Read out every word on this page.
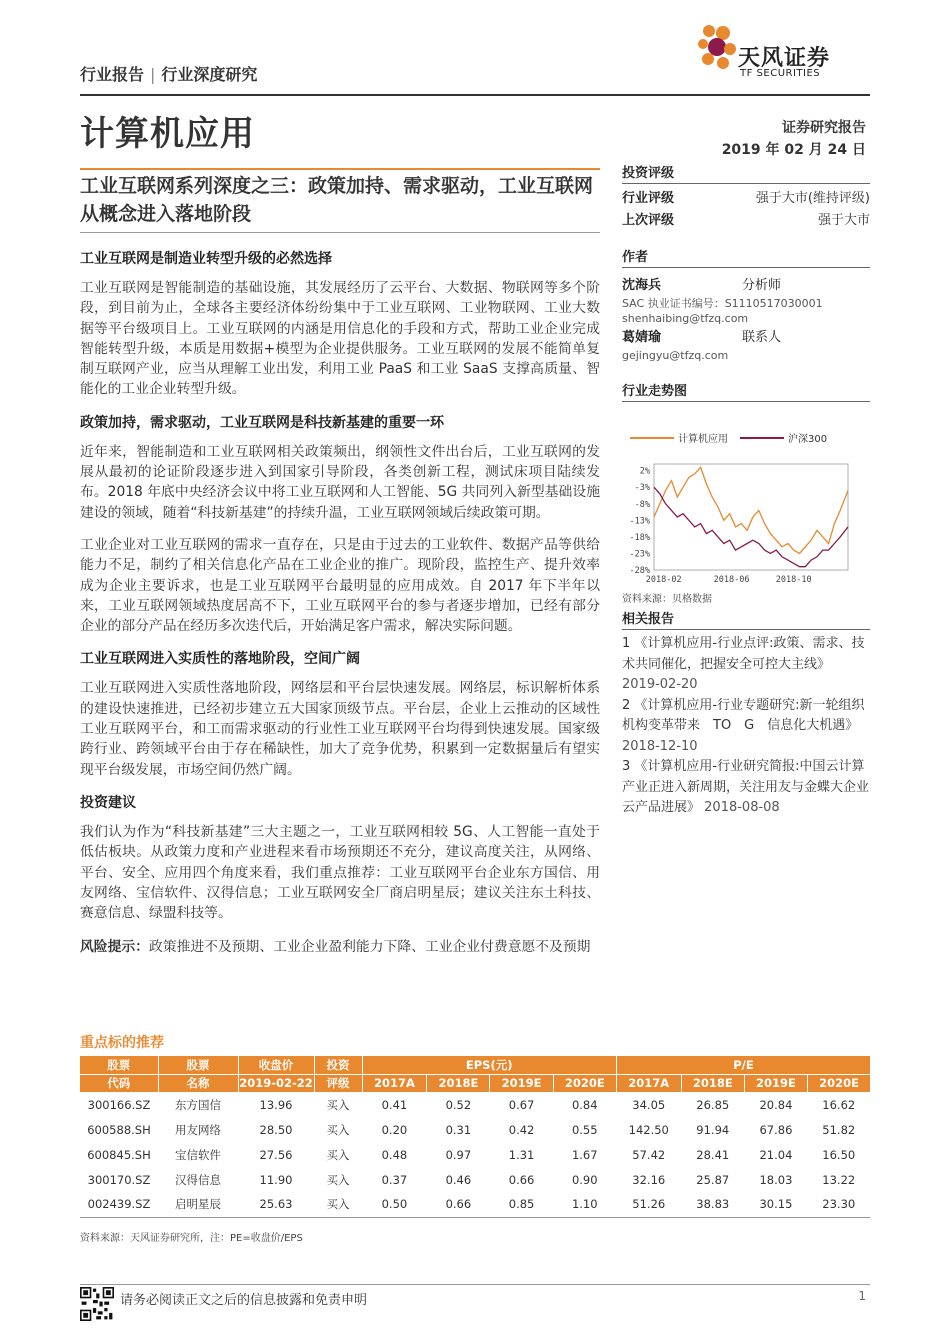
行业报告 | 行业深度研究
天风证券
TF SECURITIES
计算机应用	证券研究报告
2019 年 02 月 24 日
工业互联网系列深度之三：政策加持、需求驱动，工业互联网从概念进入落地阶段
工业互联网是制造业转型升级的必然选择

工业互联网是智能制造的基础设施，其发展经历了云平台、大数据、物联网等多个阶段，到目前为止，全球各主要经济体纷纷集中于工业互联网、工业物联网、工业大数据等平台级项目上。工业互联网的内涵是用信息化的手段和方式，帮助工业企业完成智能转型升级，本质是用数据+模型为企业提供服务。工业互联网的发展不能简单复制互联网产业，应当从理解工业出发，利用工业 PaaS 和工业 SaaS 支撑高质量、智能化的工业企业转型升级。

政策加持，需求驱动，工业互联网是科技新基建的重要一环

近年来，智能制造和工业互联网相关政策频出，纲领性文件出台后，工业互联网的发展从最初的论证阶段逐步进入到国家引导阶段，各类创新工程，测试床项目陆续发布。2018 年底中央经济会议中将工业互联网和人工智能、5G 共同列入新型基础设施建设的领域，随着“科技新基建”的持续升温，工业互联网领域后续政策可期。

工业企业对工业互联网的需求一直存在，只是由于过去的工业软件、数据产品等供给能力不足，制约了相关信息化产品在工业企业的推广。现阶段，监控生产、提升效率成为企业主要诉求，也是工业互联网平台最明显的应用成效。自 2017 年下半年以来，工业互联网领域热度居高不下，工业互联网平台的参与者逐步增加，已经有部分企业的部分产品在经历多次迭代后，开始满足客户需求，解决实际问题。

工业互联网进入实质性的落地阶段，空间广阔

工业互联网进入实质性落地阶段，网络层和平台层快速发展。网络层，标识解析体系的建设快速推进，已经初步建立五大国家顶级节点。平台层，企业上云推动的区域性工业互联网平台，和工而需求驱动的行业性工业互联网平台均得到快速发展。国家级跨行业、跨领域平台由于存在稀缺性，加大了竞争优势，积累到一定数据量后有望实现平台级发展，市场空间仍然广阔。

投资建议

我们认为作为“科技新基建”三大主题之一，工业互联网相较 5G、人工智能一直处于低估板块。从政策力度和产业进程来看市场预期还不充分，建议高度关注，从网络、平台、安全、应用四个角度来看，我们重点推荐：工业互联网平台企业东方国信、用友网络、宝信软件、汉得信息；工业互联网安全厂商启明星辰；建议关注东土科技、赛意信息、绿盟科技等。

风险提示：政策推进不及预期、工业企业盈利能力下降、工业企业付费意愿不及预期

投资评级
行业评级	强于大市(维持评级)
上次评级	强于大市
作者
沈海兵	分析师
SAC 执业证书编号：S1110517030001
shenhaibing@tfzq.com
葛婧瑜	联系人
gejingyu@tfzq.com
行业走势图
计算机应用	沪深300
2%
-3%
-8%
-13%
-18%
-23%
-28%
2018-02	2018-06	2018-10
资料来源：贝格数据
相关报告
1 《计算机应用-行业点评:政策、需求、技术共同催化，把握安全可控大主线》
2019-02-20
2 《计算机应用-行业专题研究:新一轮组织机构变革带来　TO　G　信息化大机遇》 2018-12-10
3 《计算机应用-行业研究简报:中国云计算产业正进入新周期，关注用友与金蝶大企业云产品进展》 2018-08-08
重点标的推荐
股票	股票	收盘价	投资	EPS(元)				P/E			
代码	名称	2019-02-22	评级	2017A	2018E	2019E	2020E	2017A	2018E	2019E	2020E
300166.SZ	东方国信	13.96	买入	0.41	0.52	0.67	0.84	34.05	26.85	20.84	16.62
600588.SH	用友网络	28.50	买入	0.20	0.31	0.42	0.55	142.50	91.94	67.86	51.82
600845.SH	宝信软件	27.56	买入	0.48	0.97	1.31	1.67	57.42	28.41	21.04	16.50
300170.SZ	汉得信息	11.90	买入	0.37	0.46	0.66	0.90	32.16	25.87	18.03	13.22
002439.SZ	启明星辰	25.63	买入	0.50	0.66	0.85	1.10	51.26	38.83	30.15	23.30
资料来源：天风证券研究所，注：PE=收盘价/EPS
请务必阅读正文之后的信息披露和免责申明	1
